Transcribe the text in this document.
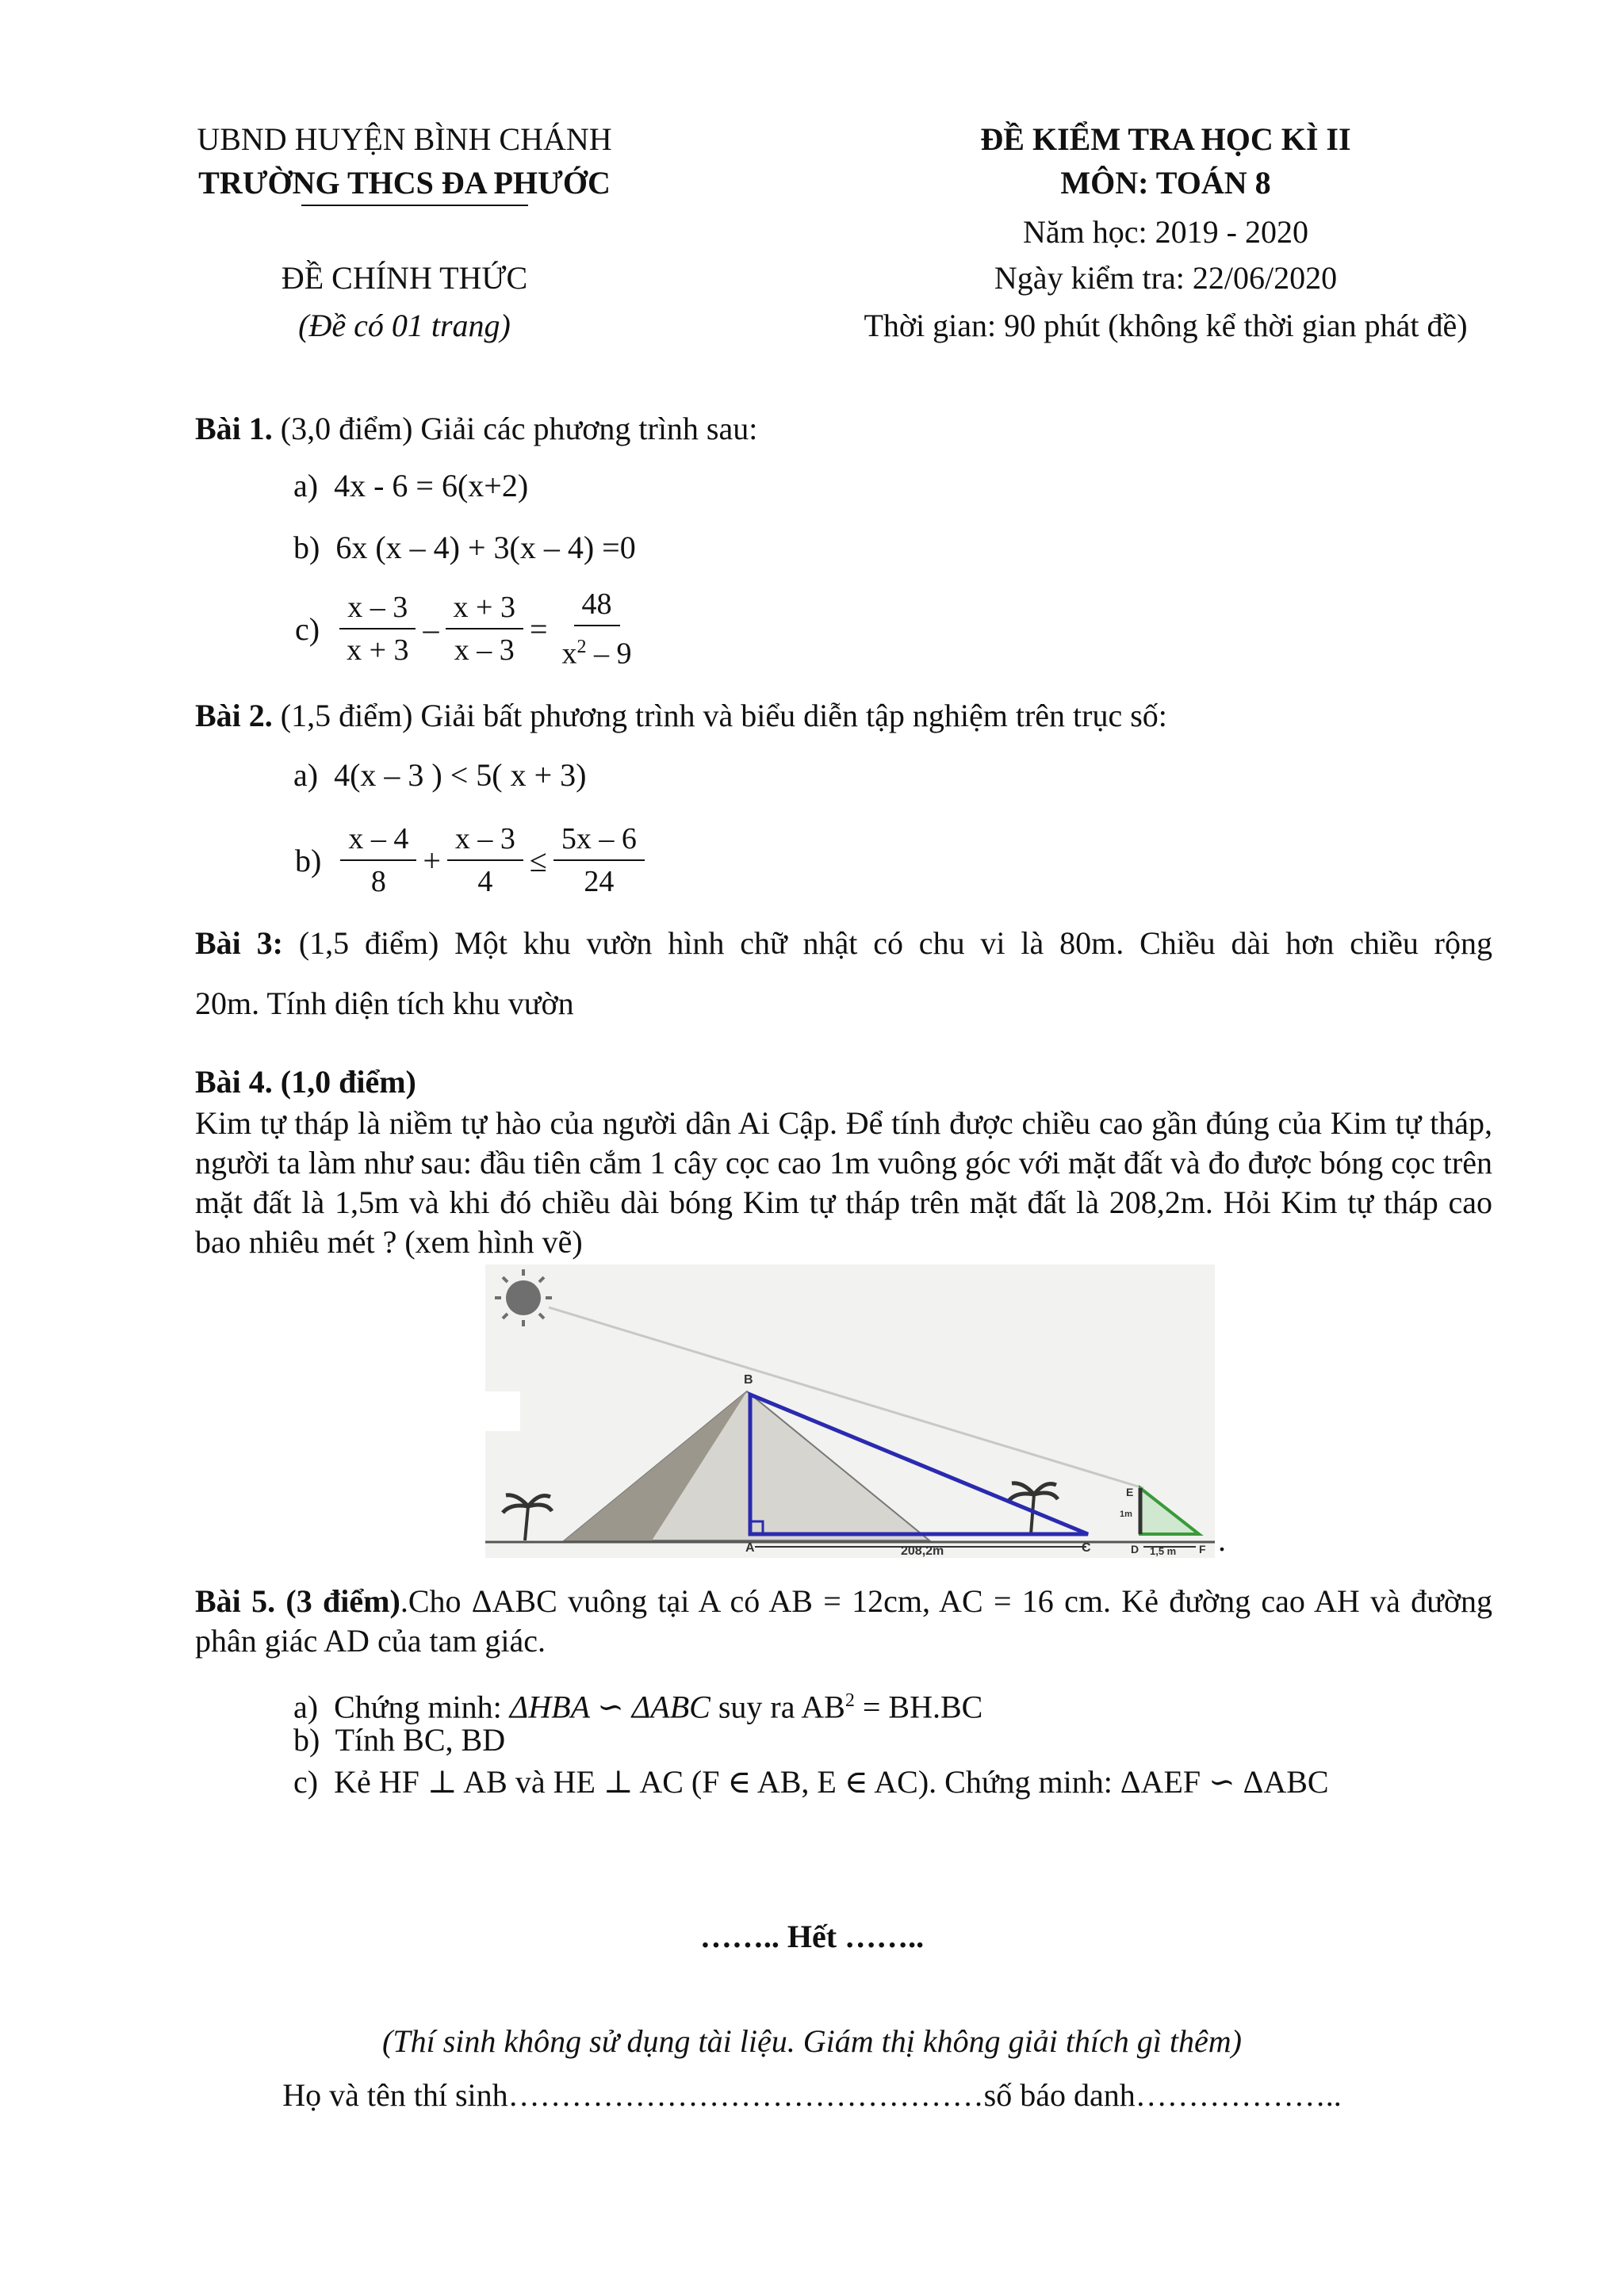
UBND HUYỆN BÌNH CHÁNH
TRƯỜNG THCS ĐA PHƯỚC
ĐỀ CHÍNH THỨC
(Đề có 01 trang)
ĐỀ KIỂM TRA HỌC KÌ II
MÔN: TOÁN 8
Năm học: 2019 - 2020
Ngày kiểm tra: 22/06/2020
Thời gian: 90 phút (không kể thời gian phát đề)
Bài 1. (3,0 điểm) Giải các phương trình sau:
a) 4x - 6 = 6(x+2)
b) 6x (x – 4) + 3(x – 4) =0
$c) \frac{x - 3}{x + 3} - \frac{x + 3}{x - 3} = \frac{48}{x^2 - 9}$
Bài 2. (1,5 điểm) Giải bất phương trình và biểu diễn tập nghiệm trên trục số:
a) 4(x – 3 ) < 5( x + 3)
$b) \frac{x - 4}{8} + \frac{x - 3}{4} \le \frac{5x - 6}{24}$
Bài 3: (1,5 điểm) Một khu vườn hình chữ nhật có chu vi là 80m. Chiều dài hơn chiều rộng
20m. Tính diện tích khu vườn
Bài 4. (1,0 điểm)
Kim tự tháp là niềm tự hào của người dân Ai Cập. Để tính được chiều cao gần đúng của Kim tự tháp, người ta làm như sau: đầu tiên cắm 1 cây cọc cao 1m vuông góc với mặt đất và đo được bóng cọc trên mặt đất là 1,5m và khi đó chiều dài bóng Kim tự tháp trên mặt đất là 208,2m. Hỏi Kim tự tháp cao bao nhiêu mét ? (xem hình vẽ)
B
A	C
E
D	F
208,2m	1,5 m
1m
.
Bài 5. (3 điểm).Cho ΔABC vuông tại A có AB = 12cm, AC = 16 cm. Kẻ đường cao AH và đường phân giác AD của tam giác.
a) Chứng minh: ΔHBA ∽ ΔABC suy ra $AB^2 = BH.BC$
b) Tính BC, BD
c) Kẻ HF ⊥ AB và HE ⊥ AC (F ∈ AB, E ∈ AC). Chứng minh: ΔAEF ∽ ΔABC
…….. Hết ……..
(Thí sinh không sử dụng tài liệu. Giám thị không giải thích gì thêm)
Họ và tên thí sinh………………………………………số báo danh………………..
